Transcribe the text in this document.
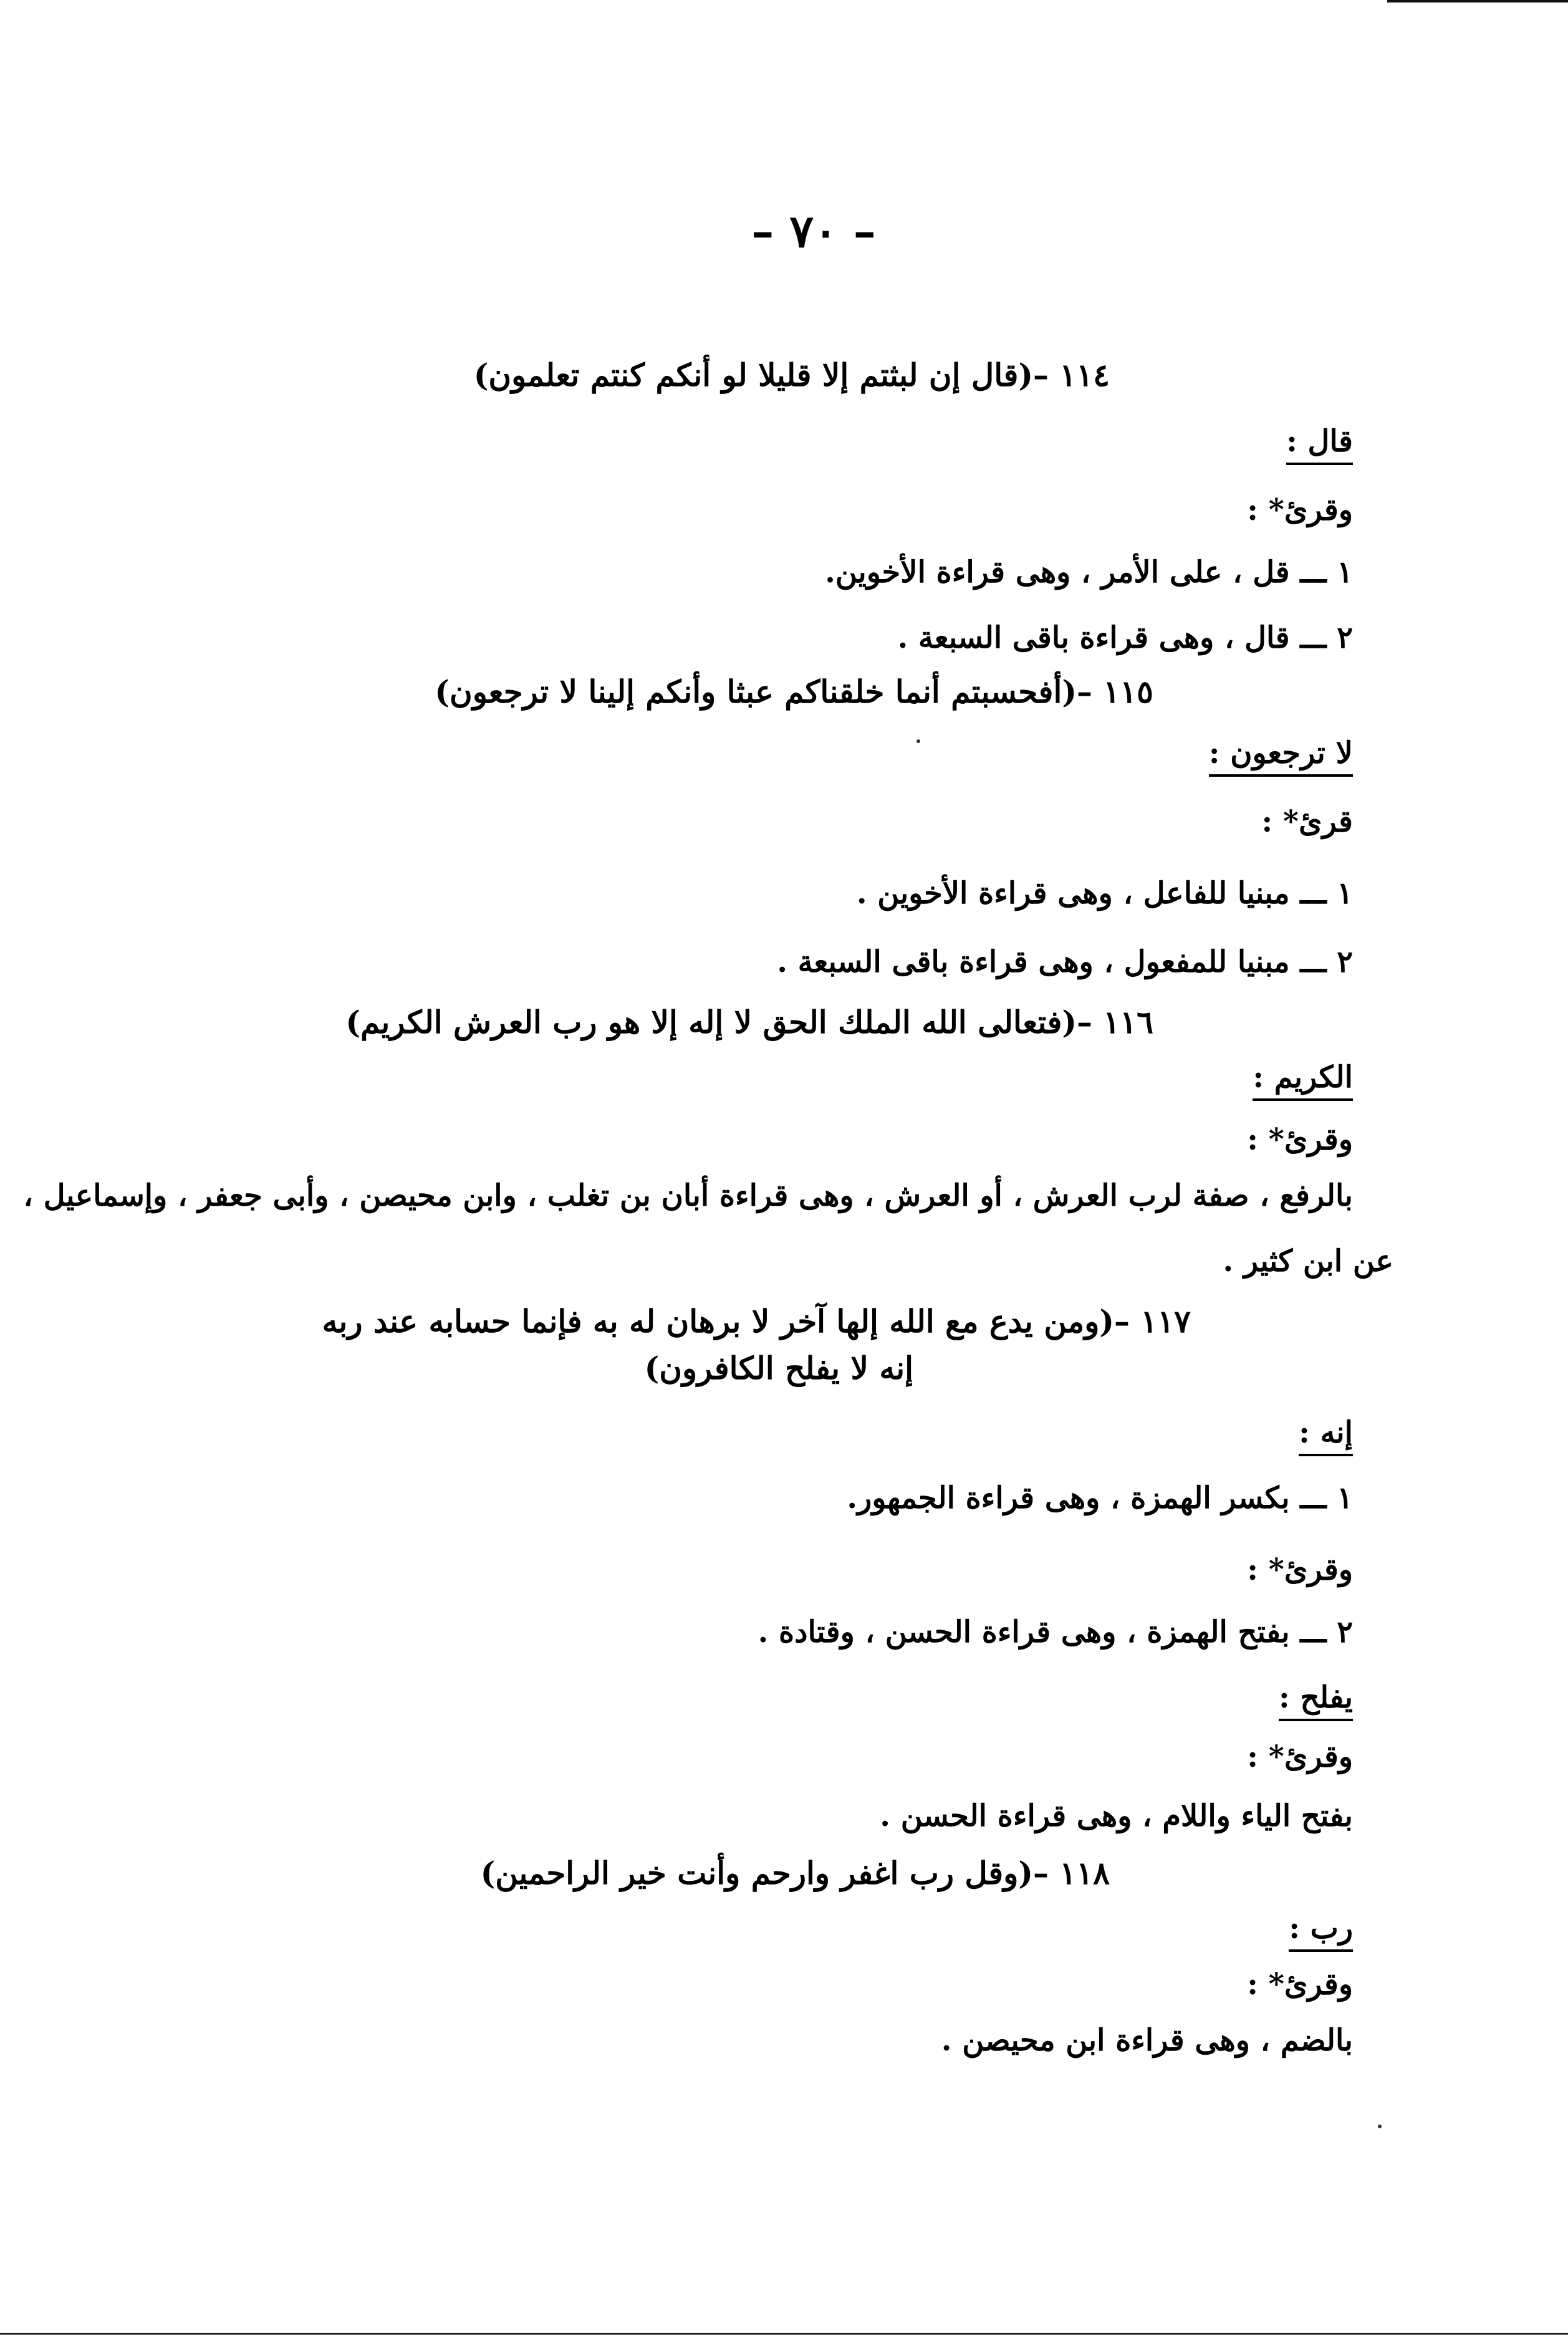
– ٧٠ –
١١٤ –(قال إن لبثتم إلا قليلا لو أنكم كنتم تعلمون)
قال :
وقرئ* :
١ ـــ قل ، على الأمر ، وهى قراءة الأخوين.
٢ ـــ قال ، وهى قراءة باقى السبعة .
١١٥ –(أفحسبتم أنما خلقناكم عبثا وأنكم إلينا لا ترجعون)
لا ترجعون :
قرئ* :
١ ـــ مبنيا للفاعل ، وهى قراءة الأخوين .
٢ ـــ مبنيا للمفعول ، وهى قراءة باقى السبعة .
١١٦ –(فتعالى الله الملك الحق لا إله إلا هو رب العرش الكريم)
الكريم :
وقرئ* :
بالرفع ، صفة لرب العرش ، أو العرش ، وهى قراءة أبان بن تغلب ، وابن محيصن ، وأبى جعفر ، وإسماعيل ،
عن ابن كثير .
١١٧ –(ومن يدع مع الله إلها آخر لا برهان له به فإنما حسابه عند ربه
إنه لا يفلح الكافرون)
إنه :
١ ـــ بكسر الهمزة ، وهى قراءة الجمهور.
وقرئ* :
٢ ـــ بفتح الهمزة ، وهى قراءة الحسن ، وقتادة .
يفلح :
وقرئ* :
بفتح الياء واللام ، وهى قراءة الحسن .
١١٨ –(وقل رب اغفر وارحم وأنت خير الراحمين)
رب :
وقرئ* :
بالضم ، وهى قراءة ابن محيصن .
